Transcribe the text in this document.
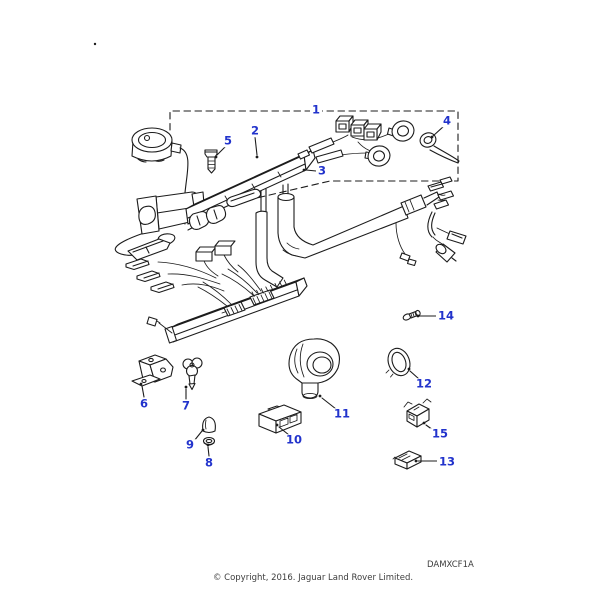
1
2
3
4
5
6	7
8
9	10
11
12
13
14
15
DAMXCF1A
© Copyright, 2016. Jaguar Land Rover Limited.
